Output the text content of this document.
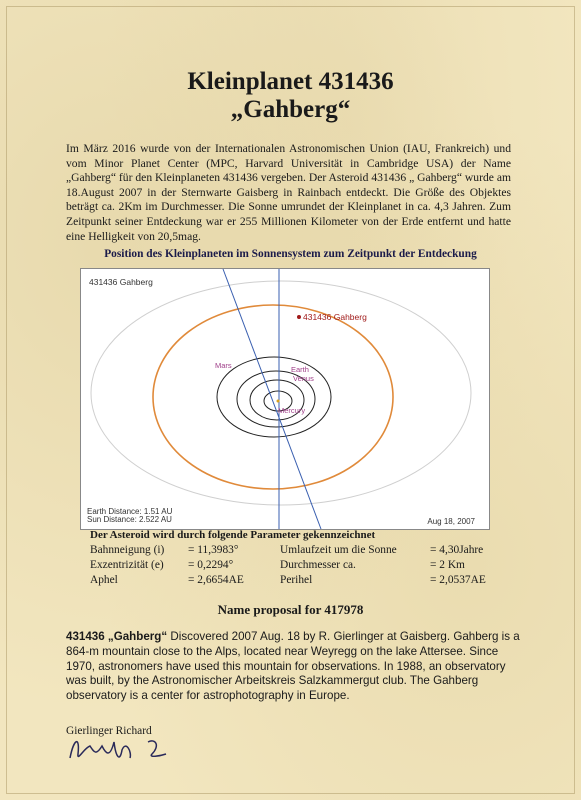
Kleinplanet 431436
„Gahberg“
Im März 2016 wurde von der Internationalen Astronomischen Union (IAU, Frankreich) und vom Minor Planet Center (MPC, Harvard Universität in Cambridge USA) der Name „Gahberg“ für den Kleinplaneten 431436 vergeben. Der Asteroid 431436 „ Gahberg“ wurde am 18.August 2007 in der Sternwarte Gaisberg in Rainbach entdeckt. Die Größe des Objektes beträgt ca. 2Km im Durchmesser. Die Sonne umrundet der Kleinplanet in ca. 4,3 Jahren. Zum Zeitpunkt seiner Entdeckung war er 255 Millionen Kilometer von der Erde entfernt und hatte eine Helligkeit von 20,5mag.
Position des Kleinplaneten im Sonnensystem zum Zeitpunkt der Entdeckung
431436 Gahberg
431436 Gahberg
Mars	Earth
Venus
Mercury
Earth Distance: 1.51 AU
Sun Distance: 2.522 AU	Aug 18, 2007
Der Asteroid wird durch folgende Parameter gekennzeichnet
Bahnneigung (i) = 11,3983°	Umlaufzeit um die Sonne	= 4,30Jahre
Exzentrizität (e) = 0,2294°	Durchmesser ca.	= 2 Km
Aphel	= 2,6654AE	Perihel	= 2,0537AE
Name proposal for 417978
431436 „Gahberg“ Discovered 2007 Aug. 18 by R. Gierlinger at Gaisberg. Gahberg is a 864-m mountain close to the Alps, located near Weyregg on the lake Attersee. Since 1970, astronomers have used this mountain for observations. In 1988, an observatory was built, by the Astronomischer Arbeitskreis Salzkammergut club. The Gahberg observatory is a center for astrophotography in Europe.
Gierlinger Richard
